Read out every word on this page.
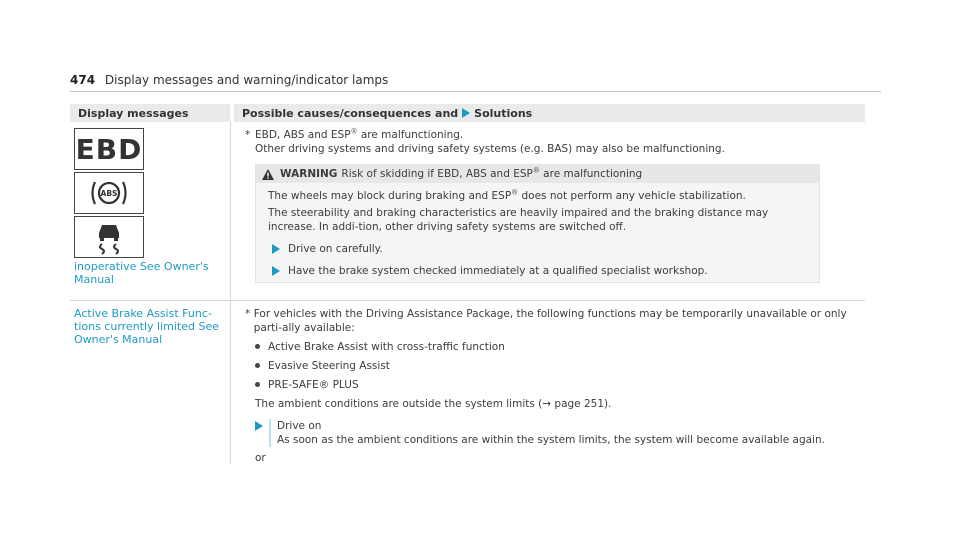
474 Display messages and warning/indicator lamps
Display messages	Possible causes/consequences and Solutions
EBD
ABS
inoperative See Owner's Manual
* EBD, ABS and ESP® are malfunctioning.

Other driving systems and driving safety systems (e.g. BAS) may also be malfunctioning.

WARNING Risk of skidding if EBD, ABS and ESP® are malfunctioning
The wheels may block during braking and ESP® does not perform any vehicle stabilization.
The steerability and braking characteristics are heavily impaired and the braking distance may increase. In addi-tion, other driving safety systems are switched off.
Drive on carefully.
Have the brake system checked immediately at a qualified specialist workshop.
Active Brake Assist Func-tions currently limited See Owner's Manual
* For vehicles with the Driving Assistance Package, the following functions may be temporarily unavailable or only parti-ally available:
Active Brake Assist with cross-traffic function
Evasive Steering Assist
PRE-SAFE® PLUS

The ambient conditions are outside the system limits (→ page 251).

Drive on
As soon as the ambient conditions are within the system limits, the system will become available again.

or
